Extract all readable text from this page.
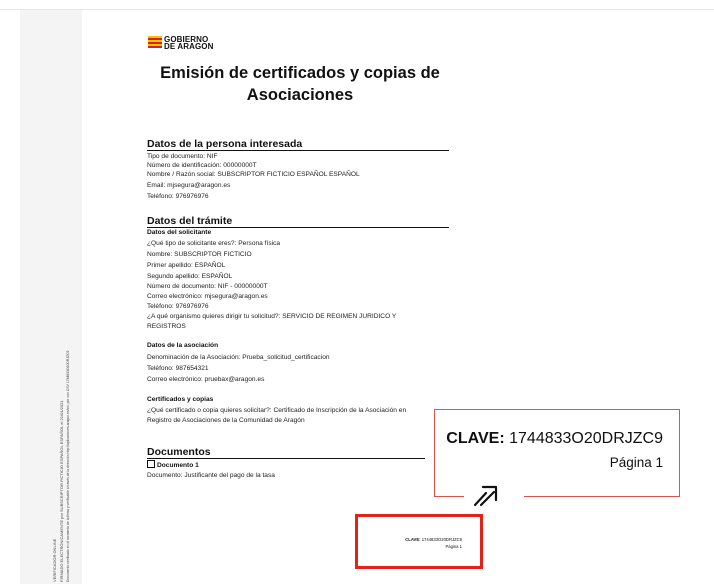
VERIFICADOR ONLINE FIRMADO ELECTRÓNICAMENTE por SUBSCRIPTOR FICTICIO ESPAÑOL ESPAÑOL el 21/01/2021 Documento verificado en el momento de la firma y verificable a través de la dirección http://aplicaciones.aragon.es/cci, por con CSV 1744833O20DRJZC9
GOBIERNO
DE ARAGON
Emisión de certificados y copias de Asociaciones
Datos de la persona interesada
Tipo de documento: NIF
Número de identificación: 00000000T
Nombre / Razón social: SUBSCRIPTOR FICTICIO ESPAÑOL ESPAÑOL
Email: mjsegura@aragon.es
Teléfono: 976976976
Datos del trámite
Datos del solicitante
¿Qué tipo de solicitante eres?: Persona física
Nombre: SUBSCRIPTOR FICTICIO
Primer apellido: ESPAÑOL
Segundo apellido: ESPAÑOL
Número de documento: NIF - 00000000T
Correo electrónico: mjsegura@aragon.es
Teléfono: 976976976
¿A qué organismo quieres dirigir tu solicitud?: SERVICIO DE REGIMEN JURIDICO Y
REGISTROS
Datos de la asociación
Denominación de la Asociación: Prueba_solicitud_certificacion
Teléfono: 987654321
Correo electrónico: pruebax@aragon.es
Certificados y copias
¿Qué certificado o copia quieres solicitar?: Certificado de Inscripción de la Asociación en
Registro de Asociaciones de la Comunidad de Aragón
Documentos
Documento 1
Documento: Justificante del pago de la tasa
CLAVE: 1744833O20DRJZC9
Página 1
CLAVE: 1744833O20DRJZC9
Página 1
